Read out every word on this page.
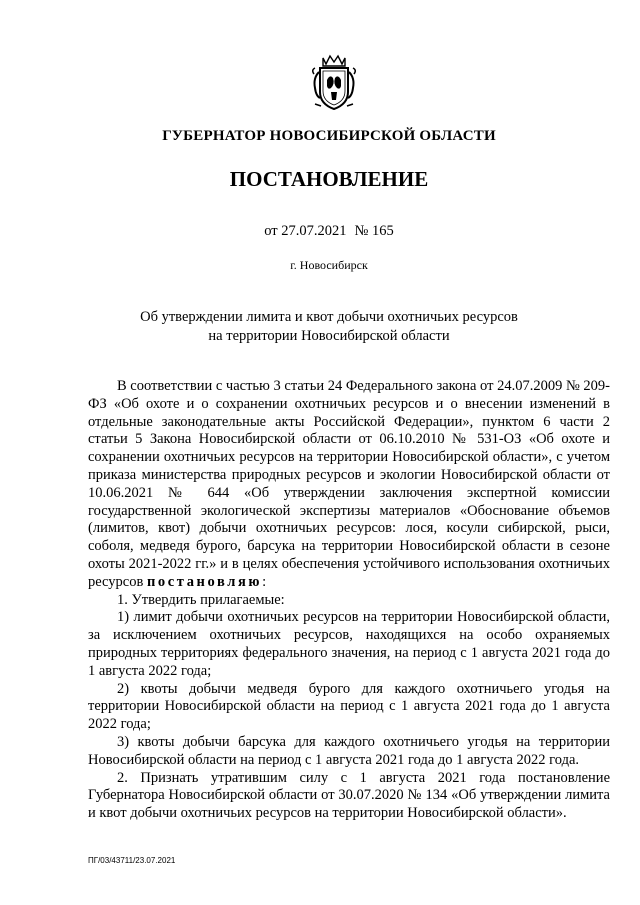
ГУБЕРНАТОР НОВОСИБИРСКОЙ ОБЛАСТИ
ПОСТАНОВЛЕНИЕ
от 27.07.2021 № 165
г. Новосибирск
Об утверждении лимита и квот добычи охотничьих ресурсов
на территории Новосибирской области

В соответствии с частью 3 статьи 24 Федерального закона от 24.07.2009 № 209-ФЗ «Об охоте и о сохранении охотничьих ресурсов и о внесении изменений в отдельные законодательные акты Российской Федерации», пунктом 6 части 2 статьи 5 Закона Новосибирской области от 06.10.2010 № 531-ОЗ «Об охоте и сохранении охотничьих ресурсов на территории Новосибирской области», с учетом приказа министерства природных ресурсов и экологии Новосибирской области от 10.06.2021 № 644 «Об утверждении заключения экспертной комиссии государственной экологической экспертизы материалов «Обоснование объемов (лимитов, квот) добычи охотничьих ресурсов: лося, косули сибирской, рыси, соболя, медведя бурого, барсука на территории Новосибирской области в сезоне охоты 2021-2022 гг.» и в целях обеспечения устойчивого использования охотничьих ресурсов постановляю:

1. Утвердить прилагаемые:

1) лимит добычи охотничьих ресурсов на территории Новосибирской области, за исключением охотничьих ресурсов, находящихся на особо охраняемых природных территориях федерального значения, на период с 1 августа 2021 года до 1 августа 2022 года;

2) квоты добычи медведя бурого для каждого охотничьего угодья на территории Новосибирской области на период с 1 августа 2021 года до 1 августа 2022 года;

3) квоты добычи барсука для каждого охотничьего угодья на территории Новосибирской области на период с 1 августа 2021 года до 1 августа 2022 года.

2. Признать утратившим силу с 1 августа 2021 года постановление Губернатора Новосибирской области от 30.07.2020 № 134 «Об утверждении лимита и квот добычи охотничьих ресурсов на территории Новосибирской области».

ПГ/03/43711/23.07.2021
